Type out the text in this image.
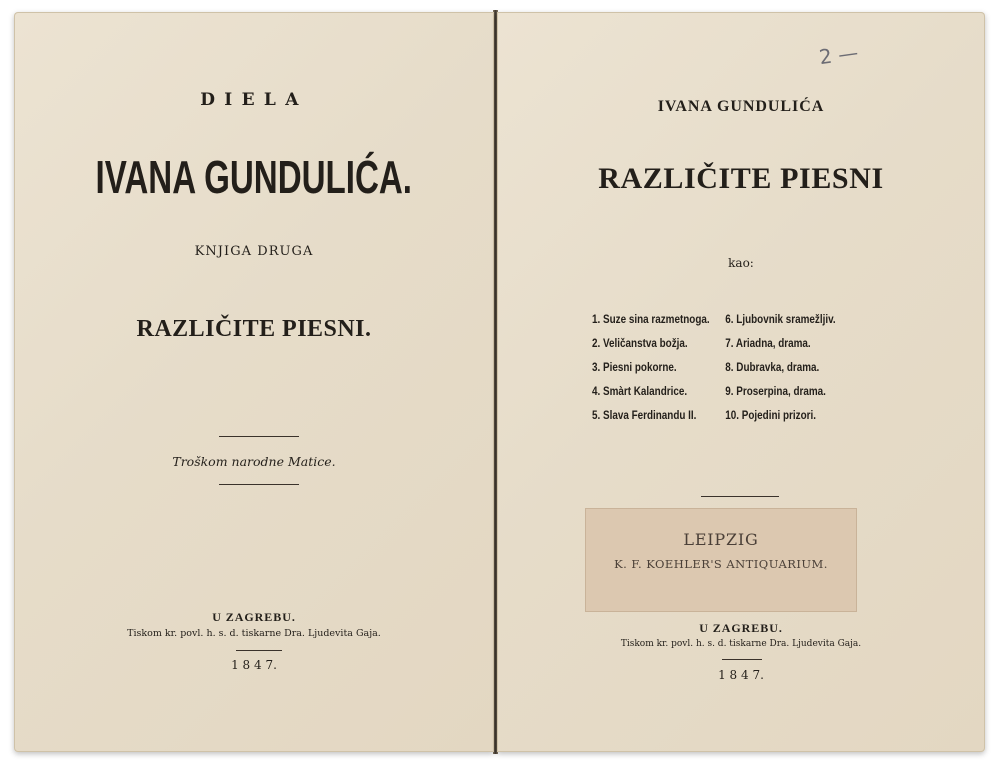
DIELA
IVANA GUNDULIĆA.
KNJIGA DRUGA
RAZLIČITE PIESNI.
Troškom narodne Matice.
U ZAGREBU.
Tiskom kr. povl. h. s. d. tiskarne Dra. Ljudevita Gaja.
1 8 4 7.
2 —
IVANA GUNDULIĆA
RAZLIČITE PIESNI
kao:
1. Suze sina razmetnoga.	6. Ljubovnik sramežljiv.
2. Veličanstva božja.	7. Ariadna, drama.
3. Piesni pokorne.	8. Dubravka, drama.
4. Smàrt Kalandrice.	9. Proserpina, drama.
5. Slava Ferdinandu II.	10. Pojedini prizori.
LEIPZIG
K. F. KOEHLER'S ANTIQUARIUM.
U ZAGREBU.
Tiskom kr. povl. h. s. d. tiskarne Dra. Ljudevita Gaja.
1 8 4 7.
